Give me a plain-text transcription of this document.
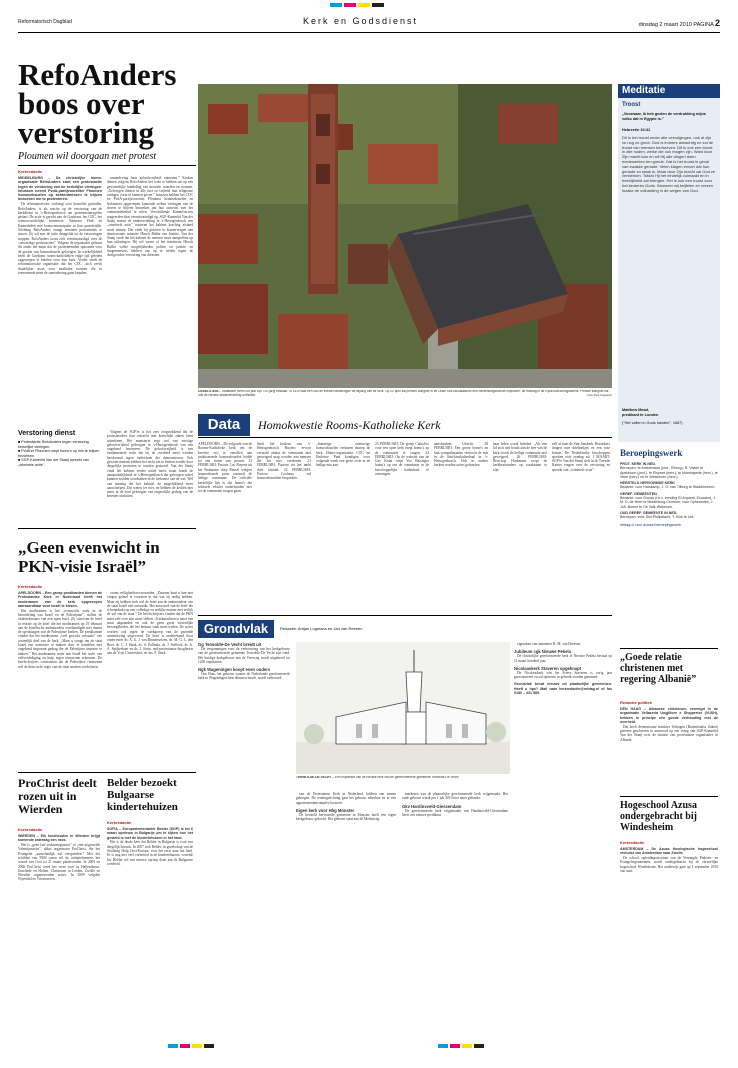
Reformatorisch Dagblad	Kerk en Godsdienst	dinsdag 2 maart 2010 PAGINA 2
RefoAnders boos over verstoring
Ploumen wil doorgaan met protest
Kerkredactie

MIDDELBURG – De christelijke homo-organisatie RefoAnders start een protestactie tegen de verstoring van de kerkelijke vieringen. Intussen neemt PvdA-partijvoorzitter Ploumen homoseksuelen op achterdmissen te blijven bezoeken om te protesteren.

De reformatorische stichting voor homofiel gezinden, RefoAnders, is als reactie op de verstoring van de kerkdienst in 's-Hertogenbosch om protestmaatregelen gestart. De actie is gericht aan de Gaykrant, het COC, het weruowoordelijke ministerie, Embrace Pink en Kamerleden met homo-emancipatie in hun portefeuille. Stichting RefoAnders vraagt iemanen protestmails te sturen. Zij wil met de actie draagvlak tot de verstoringen stoppen. RefoAnders toont zich verontwaardigd over de „onwerdige protestacties”. Volgens de organisatie gebeurt dit onder het mom dat de protesterenden opkomen voor de positie van homoseksuele gelovigen. In werkelijkheid heeft de Gaykrant rooms-katholieken enige tijd geleden opgeroepen te betalen voor hun kerk. Verder vindt de reformatorische organisatie dat het COC „zich zeeds duidelijker moet voor totalitaire normen die in toenemende mate de samenleving gaan bepalen.

samenleving haar geloofsvrijheid ontneemt.” Kerken dienen volgens RefoAnders het recht te hebben om op een gewenselijke handeling van moreele waarden en normen. „Gelovigen dienen in alle rust en vrijheid hun religieuze uitingen vorm te kunnen geven.” Intussen hebben het COC en PvdA-partijvoorzitter Ploumen homoseksuelen en lesbiennes opgeroepen komende weken vieringen van de doven te blijven bezoeken om hun ontrecht met het communiebeleid te uiten. Verschillende Kamerfracties reageerden daar verontwaardigd op. SGP-Kamerlid Van der Staaij noemt de onderverdeling in 's-Hertogenbosch een „criminele actie” waarvan het kabinet krachtig afstand moet nemen. Dat vindt hij gisteren in Kamervragen aan demissionair minister Hirsch Ballin van Justitie. Van der Staaij vindt dat het kabinet de mensen moet aanspreken op hun uitlatingen. Hij wil weten of het ministerie Hirsch Ballin welke mogelijkheden politie en justitie en burgemeesters hebben om op te treden tegen de doelgerichte verstoring van diensten.

Verstoring dienst
■ Protestactie RefoAnders tegen verstoring kerkelijke vieringen.
■ PvdA'er Ploumen roept homo's op mis te blijven bezoeken.
■ SGP-Kamerlid Van der Staaij spreekt van „criminele actie”.

Volgens de SGP'er is het zeer zorgwekkend dat de protesteerders hun ontrecht met kerkelijke zaken laten uitoefenen. Het ministerie zegt wel van ernstige geloofsvrijheid gelovigen in 's-Hertogenbosch van een ongekend fenomeen. De geloofsvrijheid is een fundamenteel recht dat bij de overheid moet worden beschermd tegen individuen die demonstreren. Ook gewone mensen hebben het recht om te kerken zonder door dergelijke protesten te worden gestoord. Van der Staaij vindt het kabinet eerder actief moet, maar houdt de aansprakelijkheid in 's-Hertogenbosch dat gelovigen actief kunnen worden voorkomen in de toekomst van de wet. Wel van mening dat het kabinet de mogelijkheid moet aanscherpen. Dat weten we niet, en hebben de kerken niet meer in de stad gelovigen van ongeschikt gedrag van de ketenen uitsluiten.

„Geen evenwicht in PKN-visie Israël”
Kerkredactie

APELDOORN – Een groep predikanten binnen de Protestantse Kerk in Nederland heeft het moderamen van de kerk opgeroepen aanvaardbaar voor Israël te kiezen.

Het moderamen is het „evenwicht zoek in de beoordeling van Israël en de Palestijnen”, stellen de ondertekenaars van een open brief. Zij schreven de brief in reactie op de brief die het moderamen op 19 februari aan de Israëlische ambassadeur overhandigde met daarin de opvattingen van de Palestijnse kerken. De predikanten vinden dat het moderamen „veel gewicht verzaakt” een wezenlijk deel van de kerk. „Maar u vraagt om de staat Israël een zoenactie te maken door te handelen met ongekend imposant gedrag die de Palestijnse impasse te maken.” Het moderamen moet aan Israël het recht van zelfverdediging en hulp tegen terrorisme erkennen. De briefschrijvers constateren dat de Palestijnse christenen wel de dans in de regio van de staat moeten verdwijnen.

vormt veiligheidsvoorwaarden. „Daarom kunt u hun niet vragen geheel te voorzien in dat wat zij nodig hebben. Maar zij hebben toch wel de brief aan de ambassadeur van de staat Israël niet ontwaakt. Het antwoord van de brief die is benadrukt op een volledige en eerlijke manier met eerlijk de wil van de staat.” De briefschrijvers vinden dat de PKN meer zelf over zijn moet stellen. „Kerkmachten is meer een staat uitgaanden en ook de geen grote wezenlijke bevoegdheden, die het bestuur vaak moet treden. De acties worden ook tegen de werkgroep van de gezonde samenleving uitgevoerd. De brief is ondertekend door onder meer ds. A. G. J. van Binnenseizen, ds. M. G. L. den Boer, ds. C. J. Haak, ds. A. Pollnala, ds. J. Stelloch, ds. A. A. Spijkerboer en ds. J. Stuin, oud-protestantse hoogleraar aan de Vrije Universiteit, en drs. F. Stark.

ProChrist deelt rozen uit in Wierden
Kerkredactie

WIERDEN – Elk huishouden in Wierden krijgt komende zaterdag een roos.

Het is „geen late verkiezingsstunt” of „een uitgestelde Valentijnsactie”, aldus organisator ProChrist, die het Evangelie „aanschaulijk wil verspreiden.” Met het schilden van 5800 rozen wil de initiatiefnemers het woord van God tot 21 maart plaatsvinden. In 2005 en 2006 ProChrist werd het weer voor in Hellendoorn, Enschede en Holten. Christenen in Leiden, Zwolle en Wierden organiseerden acties. In 2009 volgden Nijverdal en Vriezenveen.

Belder bezoekt Bulgaarse kindertehuizen
Kerkredactie

SOFIA – Europarlementariër Belder (SGP) is tot 6 maart opnieuw in Bulgarije om te kijken hoe het gesteld is met de kindertehuizen in het land.

Het is de derde keer dat Belder in Bulgarije is voor een dergelijk bezoek. In 2007 trok Belder, in gezelschap van de Stichting Hulp Oost-Europa, voor het eerst naar het land. Er is nog niet veel verbeterd in de kindertehuizen, vertelde hij. Belder wil een nieuwe oproep doen aan de Bulgaarse overheid.

IJSSELSTEIN – Staatstein vieren dit jaar zijn 700-jarig bestaan. In 1310 was een van de eerste handelingen de wijding van de kerk. Op 22 april zal prinses Margriet in de Oude Sint-Nicolaaskerk een herdenkingsconcert bijwonen, de middag in de Rijksvoorlichtingsdienst. Prinses Margriet zal ook de nieuwe stadsverlichting onthullen.	Foto Paul Coppens/
Data	Homokwestie Rooms-Katholieke Kerk

APELDOORN – De volgorde van de Rooms-Katholieke kerk om de kwestie vrij te vertellen aan praktiserende homoseksuelen leidde tot een storm van protest. 13 FEBRUARI: Pastoor Luc Buyens uit het Brabantse dorp Reusel weigert homoseksuele prins carnaval de heilige communie. De officiële kerkelijke lijn is dat homo's die seksuele relaties onderhouden niet tot de communie mogen gaan.

heeft het bisdom van 's-Hertogenbosch Buyens ervoor vertaald omdat de communie niet geweigerd mag worden aan mensen die het niet verdienen. 21 FEBRUARI: Pastoor uit het ambt doet afstand. 22 FEBRUARI: Pastoor Coolsma zal homoseksualiteit bespreken.

„Sommige unieuwige homoseksuelen verbazen daarop de kerk. Homo-organisaties COC en Embrace Pink kondigen voor volgende week een grote actie in de heilige mis aan.

23 FEBRUARI: De groep Catholics voor een open kerk roept homo's op de communie te vragen. 24 FEBRUARI: Op de website van de Gay Krant roept Yvo Baisinger homo's op om de communie in de bisschoppelijke kathedraal te ontvangen.

aartsbisdom Utrecht. 28 FEBRUARI: Een groep homo's en hun sympathisanten verstoort de mis in de Sint-Janskathedraal in 's-Hertogenbosch. Ook in andere kerken worden acties gehouden.

haar leden wordt beleden. „Als een lid zich niet houdt aan de leer van de kerk wordt de heilige communie niet geweigerd. 26 FEBRUARI: Bisschop Hurkmans roept de kerkbestuurders op waakzaam te zijn.

zelf af naar de Sint-Janskerk. Bezoekers dragen roze driehoekjes en een roze button. De Nederlandse bisschoppen spreken zich zondag uit. 1 MAART: SGP'er Van der Staaij stelt in de Tweede Kamer vragen over de verstoring en spreekt van „criminele actie”.

Grondvlak	Redactie: Antjan Logmans en Jan van Reenen
Gg Terwolde-De Vecht breidt uit

De vergunningen voor de verbouwing van het kerkgebouw van de gereformeerde gemeente Terwolde-De Vecht zijn rond. Het huidige kerkgebouw aan de Veerweg wordt uitgebreid tot 1200 zitplaatsen.

Ngk Wageningen koopt even ouders

Ons Huis, het gebouw waarin de Nederlands gereformeerde kerk in Wageningen haar diensten houdt, wordt verbouwd.

TERWOLDE-DE VECHT – Een impressie van de nieuwe kerk van de gereformeerde gemeente Terwolde-De Vecht.

van de Protestantse Kerk in Nederland, hebben een samen gekregen. De woningstichting gaat het gebouw afbreken en er een appartementencomplex bouwen.

Eigen kerk voor Hhg Monster

De hersteld hervormde gemeente in Monster heeft een eigen kerkgebouw gekocht. Het gebouw staat aan de Molenweg.

markeren van de plaatselijke gereformeerde kerk vrijgemaakt. Het oude gebouw wordt per 1 juli 2010 niet meer gebruikt.

Gkv Hardinxveld-Giessendam

De gereformeerde kerk vrijgemaakt van Hardinxveld-Giessendam heeft een nieuwe predikant.

eigendom van aannemer R. M. van Horssen.

Jubileum cgk Nieuwe Pekela

De christelijke gereformeerde kerk te Nieuwe Pekela bestaat op 11 maart honderd jaar.

Nicolaaskerk Staveren opgeknapt

De Nicolaaskerk van het Friese Staveren is vorig jaar gerestaureerd en zal opnieuw in gebruik worden genomen.

Grondvlak bevat nieuws uit plaatselijke gemeenten. Heeft u tips? Mail naar kerkredactie@refdag.nl of fax 0180 – 431 589.

Meditatie
Troost
„Voorwaar, ik heb gezien de verdrukking mijns volks dat in Egypte is.”
Hebreeën 10:31

Dit is het troost onder alle vervolgingen, ook al zijn ze nog zo groot. God is immers almachtig en zal de troost van mensen bedroeven. Dit is ook een troost in alle noden, welke die ook mogen zijn. Want door Zijn macht kan en wil Hij alle dingen doen medewerken ten goede. Dat is het troost in geval van zwakke genade. Velen klagen erover dat hun genade zo zwak is. Maar door Zijn kracht zal God ze versterken. Totdat Hij het eindelijk volmaakt en in heerlijkheid zal brengen. Het is ook een troost voor het kinderen Gods. Wanneer wij twijfelen en vrezen inzake de volharding in de wegen van God.

Matthew Mead,
predikant te Londen
("Het vallen in Gods handen", 1687)
Beroepingswerk
PROT. KERK IN NED.
Beroepen: te Amsterdam (prot., Elburg), R. Visser te Apeldoorn (prot.). te Elspeet (herv.), te Moerkapelle (herv.), te Veen (herv.) en te Wekkerom (herv.).
HERSTELD HERVORMDE KERK
Bedankt: voor Harskamp, J. G. van Tilburg te Waddinxveen.
GEREF. GEMEENTEN
Bedankt: voor Gouda (t.b.v. zending El Anparal, Ecuador), J. M. D. de Heer te Middelburg-Centrum; voor Opheusden, J. Joh. Bonen te De Valk-Wekerom.
OUD GEREF. GEMEENTE IN NED.
Beroepen: voor Sint Philipsland, T. Klok te Urk.
refdag.nl voor actueel beroepingswerk
„Goede relatie christenen met regering Albanië”
Redactie politiek

DEN HAAG – Albanese christenen, verenigd in de organisatie Vellazeria Ungjillore e Shqiperise (VUSH), hebben in principe een goede verhouding met de overheid.

Dat heeft demissionair minister Verhagen (Buitenlandse Zaken) gisteren geschreven in antwoord op een vraag van SGP-Kamerlid Van der Staaij over de situatie van protestantse organisaties in Albanië.

Hogeschool Azusa ondergebracht bij Windesheim
Kerkredactie

AMSTERDAM – De Azusa theologische hogeschool verhuist van Amsterdam naar Zwolle.

De school, opleidingsinstituut van de Verenigde Pinkster- en Evangeliegemeenten, wordt ondergebracht bij de christelijke hogeschool Windesheim. Het onderwijs gaat op 1 september 2010 van start.
